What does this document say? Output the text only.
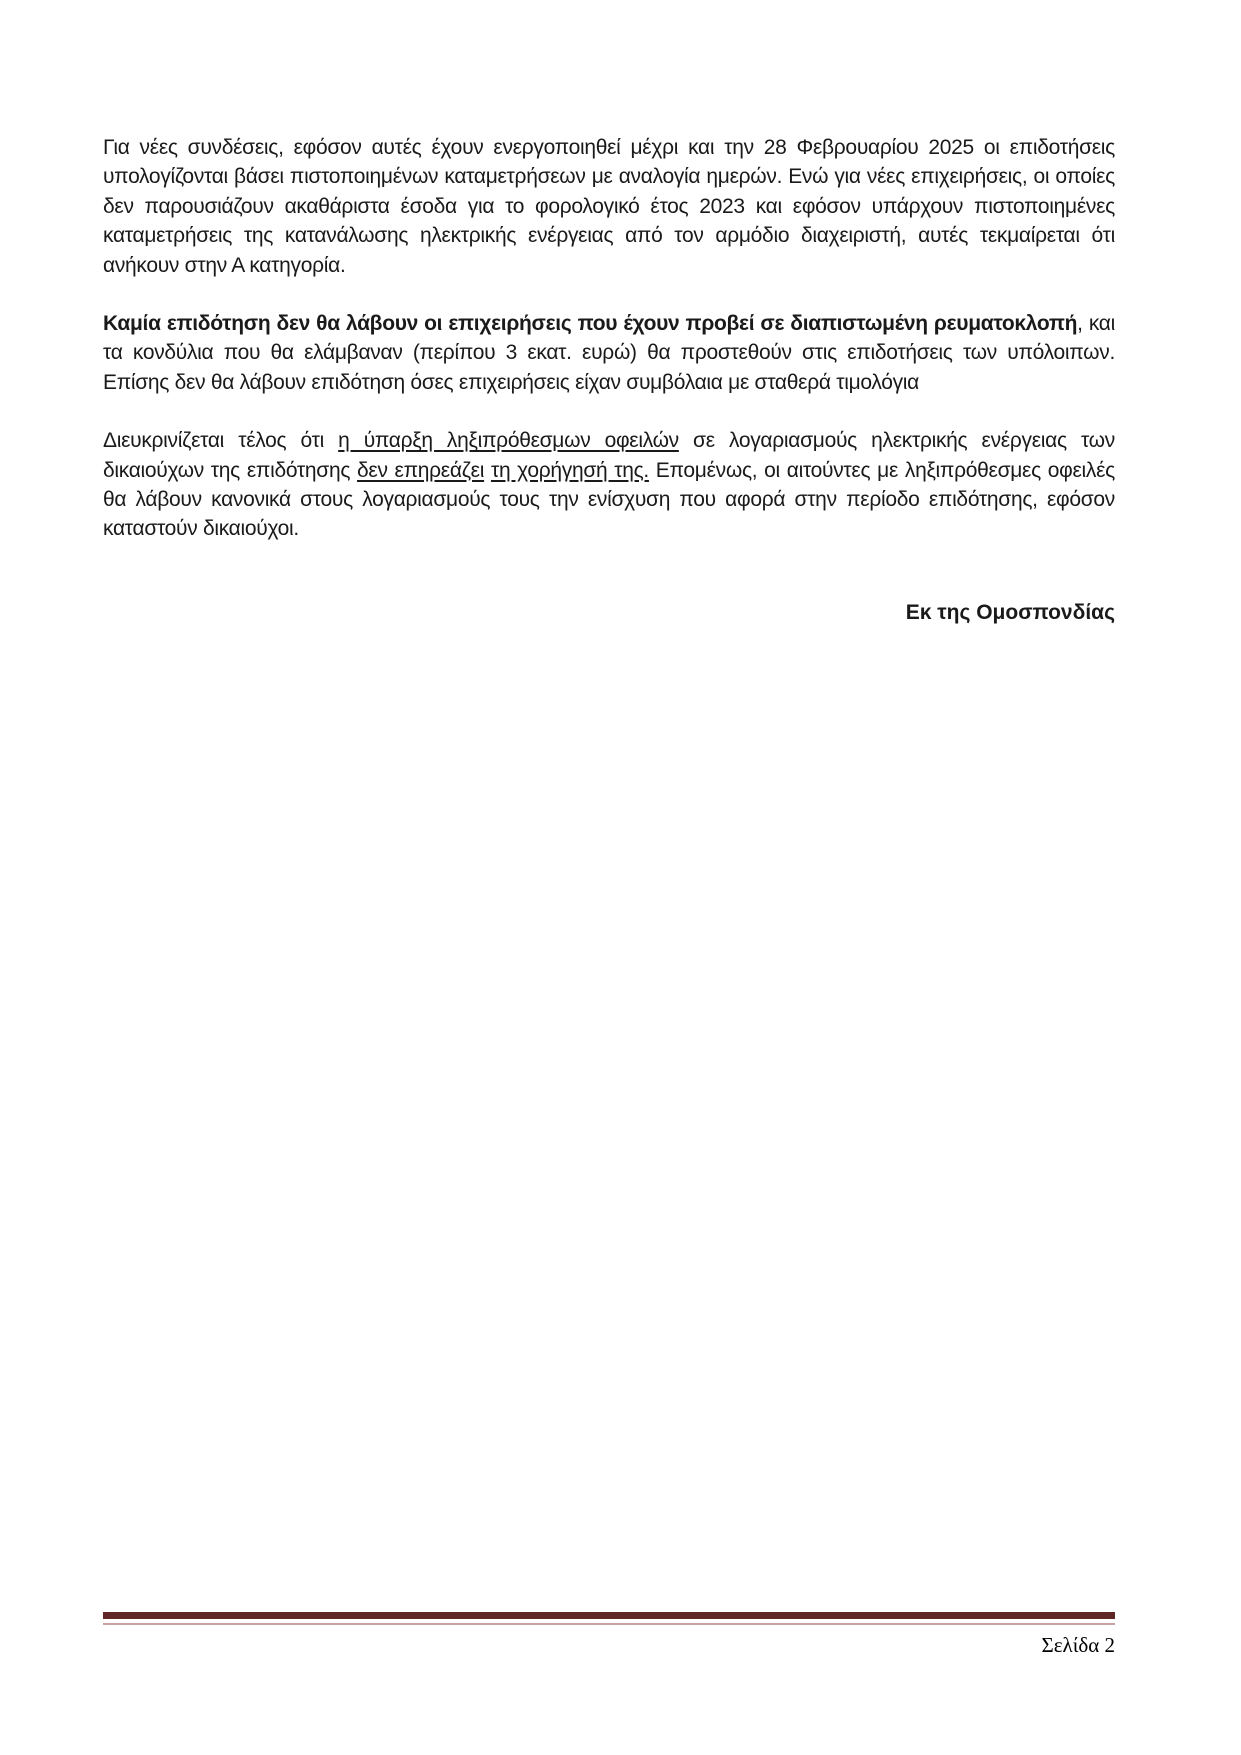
Για νέες συνδέσεις, εφόσον αυτές έχουν ενεργοποιηθεί μέχρι και την 28 Φεβρουαρίου 2025 οι επιδοτήσεις υπολογίζονται βάσει πιστοποιημένων καταμετρήσεων με αναλογία ημερών. Ενώ για νέες επιχειρήσεις, οι οποίες δεν παρουσιάζουν ακαθάριστα έσοδα για το φορολογικό έτος 2023 και εφόσον υπάρχουν πιστοποιημένες καταμετρήσεις της κατανάλωσης ηλεκτρικής ενέργειας από τον αρμόδιο διαχειριστή, αυτές τεκμαίρεται ότι ανήκουν στην Α κατηγορία.

Καμία επιδότηση δεν θα λάβουν οι επιχειρήσεις που έχουν προβεί σε διαπιστωμένη ρευματοκλοπή, και τα κονδύλια που θα ελάμβαναν (περίπου 3 εκατ. ευρώ) θα προστεθούν στις επιδοτήσεις των υπόλοιπων. Επίσης δεν θα λάβουν επιδότηση όσες επιχειρήσεις είχαν συμβόλαια με σταθερά τιμολόγια

Διευκρινίζεται τέλος ότι η ύπαρξη ληξιπρόθεσμων οφειλών σε λογαριασμούς ηλεκτρικής ενέργειας των δικαιούχων της επιδότησης δεν επηρεάζει τη χορήγησή της. Επομένως, οι αιτούντες με ληξιπρόθεσμες οφειλές θα λάβουν κανονικά στους λογαριασμούς τους την ενίσχυση που αφορά στην περίοδο επιδότησης, εφόσον καταστούν δικαιούχοι.

Εκ της Ομοσπονδίας
Σελίδα 2
